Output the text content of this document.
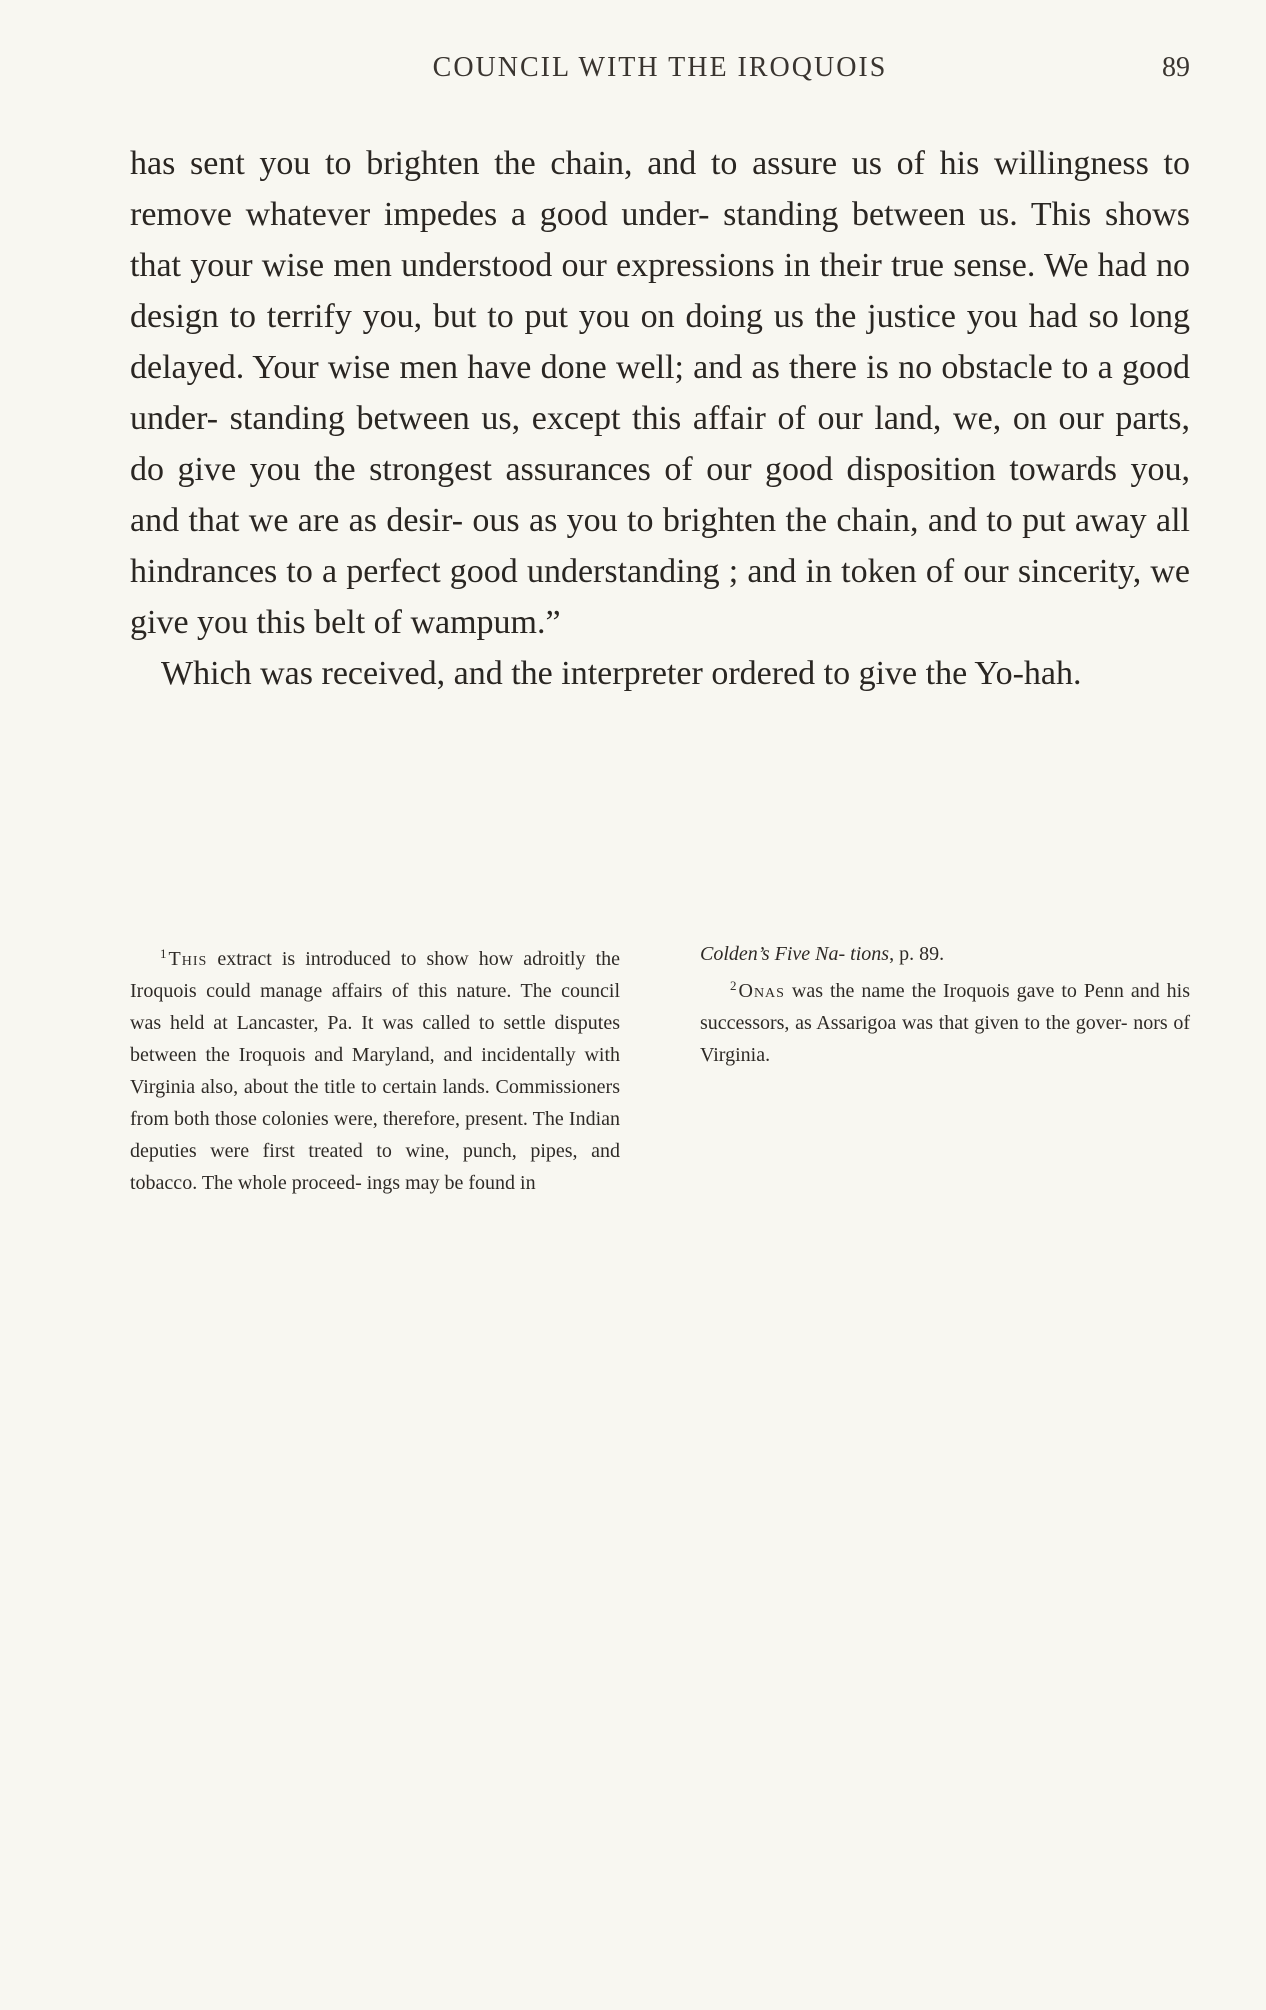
COUNCIL WITH THE IROQUOIS	89

has sent you to brighten the chain, and to assure us of his willingness to remove whatever impedes a good under- standing between us. This shows that your wise men understood our expressions in their true sense. We had no design to terrify you, but to put you on doing us the justice you had so long delayed. Your wise men have done well; and as there is no obstacle to a good under- standing between us, except this affair of our land, we, on our parts, do give you the strongest assurances of our good disposition towards you, and that we are as desir- ous as you to brighten the chain, and to put away all hindrances to a perfect good understanding ; and in token of our sincerity, we give you this belt of wampum.”

Which was received, and the interpreter ordered to give the Yo-hah.

$^1$ This extract is introduced to show how adroitly the Iroquois could manage affairs of this nature. The council was held at Lancaster, Pa. It was called to settle disputes between the Iroquois and Maryland, and incidentally with Virginia also, about the title to certain lands. Commissioners from both those colonies were, therefore, present. The Indian deputies were first treated to wine, punch, pipes, and tobacco. The whole proceed- ings may be found in

Colden’s Five Na- tions, p. 89.

$^2$ Onas was the name the Iroquois gave to Penn and his successors, as Assarigoa was that given to the gover- nors of Virginia.
